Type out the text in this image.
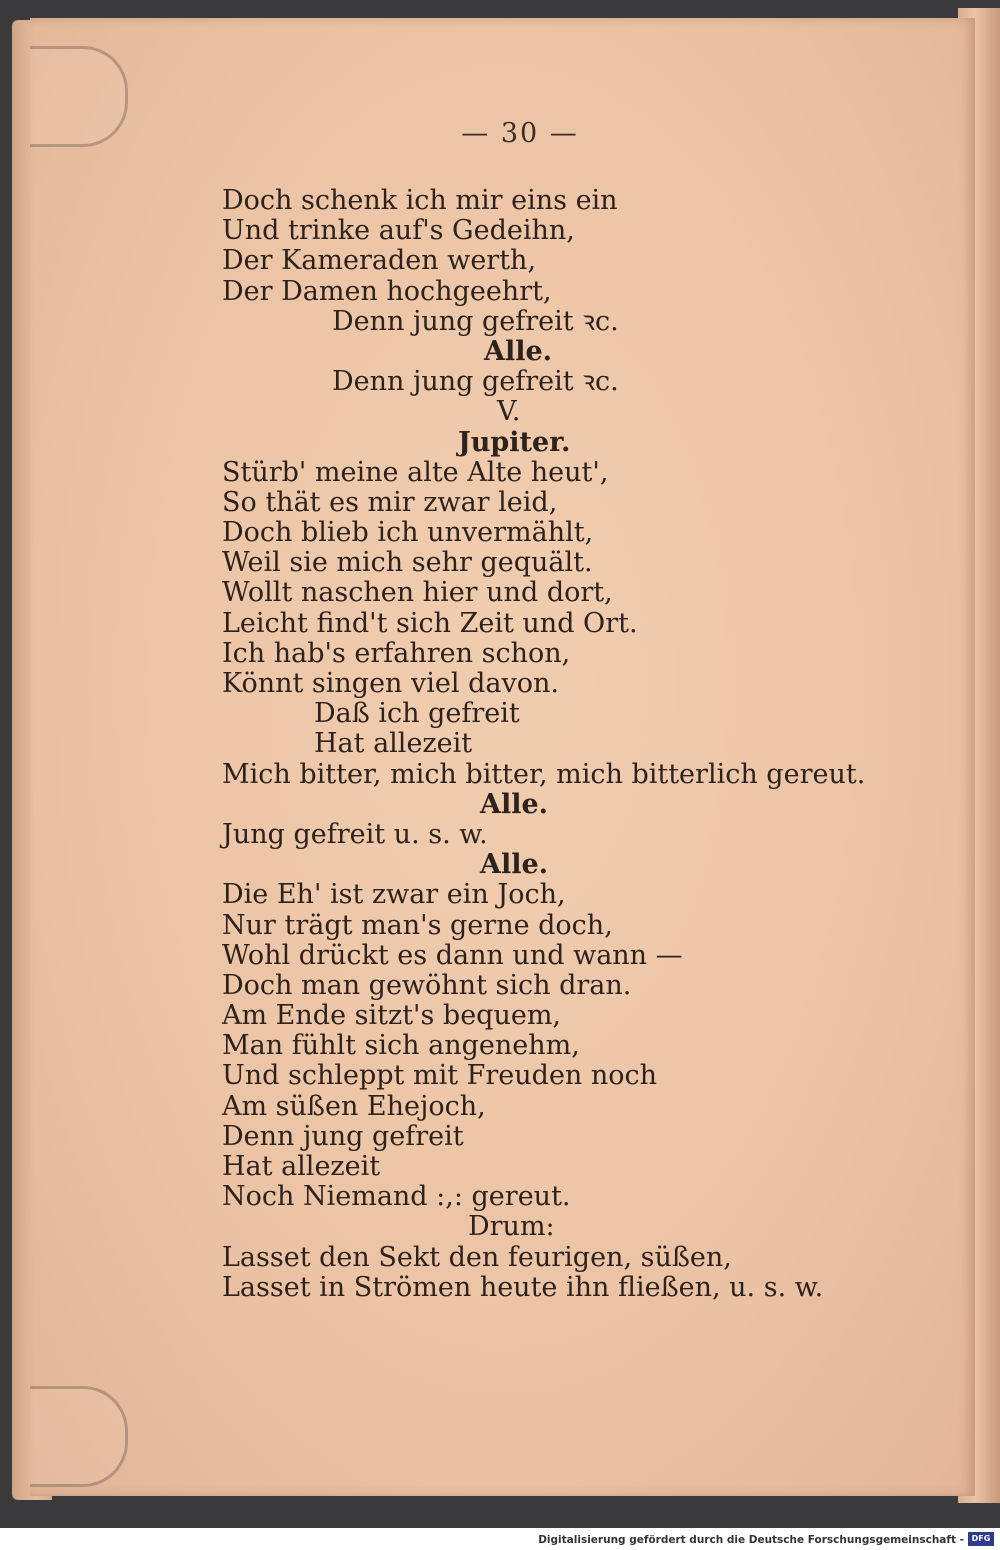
— 30 —
Doch schenk ich mir eins ein
Und trinke auf's Gedeihn,
Der Kameraden werth,
Der Damen hochgeehrt,
Denn jung gefreit ꝛc.
Alle.
Denn jung gefreit ꝛc.
V.
Jupiter.
Stürb' meine alte Alte heut',
So thät es mir zwar leid,
Doch blieb ich unvermählt,
Weil sie mich sehr gequält.
Wollt naschen hier und dort,
Leicht find't sich Zeit und Ort.
Ich hab's erfahren schon,
Könnt singen viel davon.
Daß ich gefreit
Hat allezeit
Mich bitter, mich bitter, mich bitterlich gereut.
Alle.
Jung gefreit u. s. w.
Alle.
Die Eh' ist zwar ein Joch,
Nur trägt man's gerne doch,
Wohl drückt es dann und wann —
Doch man gewöhnt sich dran.
Am Ende sitzt's bequem,
Man fühlt sich angenehm,
Und schleppt mit Freuden noch
Am süßen Ehejoch,
Denn jung gefreit
Hat allezeit
Noch Niemand :,: gereut.
Drum:
Lasset den Sekt den feurigen, süßen,
Lasset in Strömen heute ihn fließen, u. s. w.
Digitalisierung gefördert durch die Deutsche Forschungsgemeinschaft - DFG
